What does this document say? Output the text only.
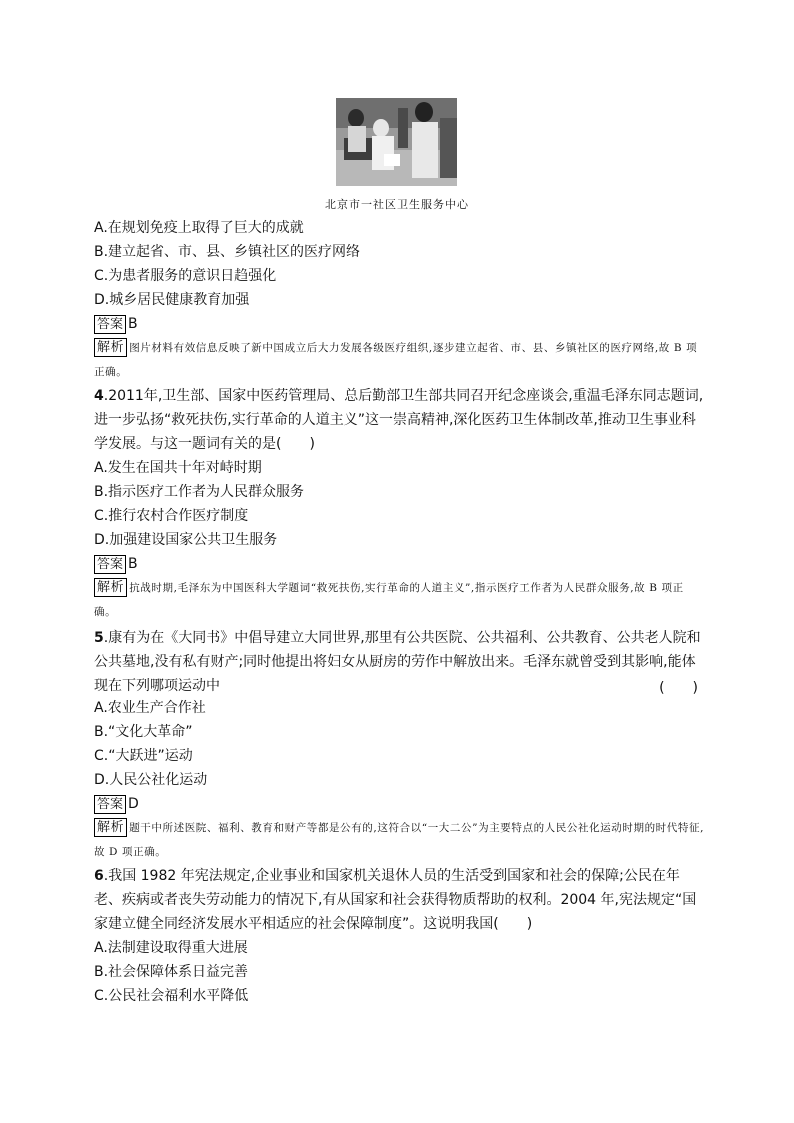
北京市一社区卫生服务中心
A.在规划免疫上取得了巨大的成就
B.建立起省、市、县、乡镇社区的医疗网络
C.为患者服务的意识日趋强化
D.城乡居民健康教育加强
答案 B
解析 图片材料有效信息反映了新中国成立后大力发展各级医疗组织,逐步建立起省、市、县、乡镇社区的医疗网络,故 B 项正确。
4.2011年,卫生部、国家中医药管理局、总后勤部卫生部共同召开纪念座谈会,重温毛泽东同志题词,进一步弘扬“救死扶伤,实行革命的人道主义”这一崇高精神,深化医药卫生体制改革,推动卫生事业科学发展。与这一题词有关的是(　　)
A.发生在国共十年对峙时期
B.指示医疗工作者为人民群众服务
C.推行农村合作医疗制度
D.加强建设国家公共卫生服务
答案 B
解析 抗战时期,毛泽东为中国医科大学题词“救死扶伤,实行革命的人道主义”,指示医疗工作者为人民群众服务,故 B 项正确。
5.康有为在《大同书》中倡导建立大同世界,那里有公共医院、公共福利、公共教育、公共老人院和公共墓地,没有私有财产;同时他提出将妇女从厨房的劳作中解放出来。毛泽东就曾受到其影响,能体现在下列哪项运动中	(　　)
A.农业生产合作社
B.“文化大革命”
C.“大跃进”运动
D.人民公社化运动
答案 D
解析 题干中所述医院、福利、教育和财产等都是公有的,这符合以“一大二公”为主要特点的人民公社化运动时期的时代特征,故 D 项正确。
6.我国 1982 年宪法规定,企业事业和国家机关退休人员的生活受到国家和社会的保障;公民在年老、疾病或者丧失劳动能力的情况下,有从国家和社会获得物质帮助的权利。2004 年,宪法规定“国家建立健全同经济发展水平相适应的社会保障制度”。这说明我国(　　)
A.法制建设取得重大进展
B.社会保障体系日益完善
C.公民社会福利水平降低
